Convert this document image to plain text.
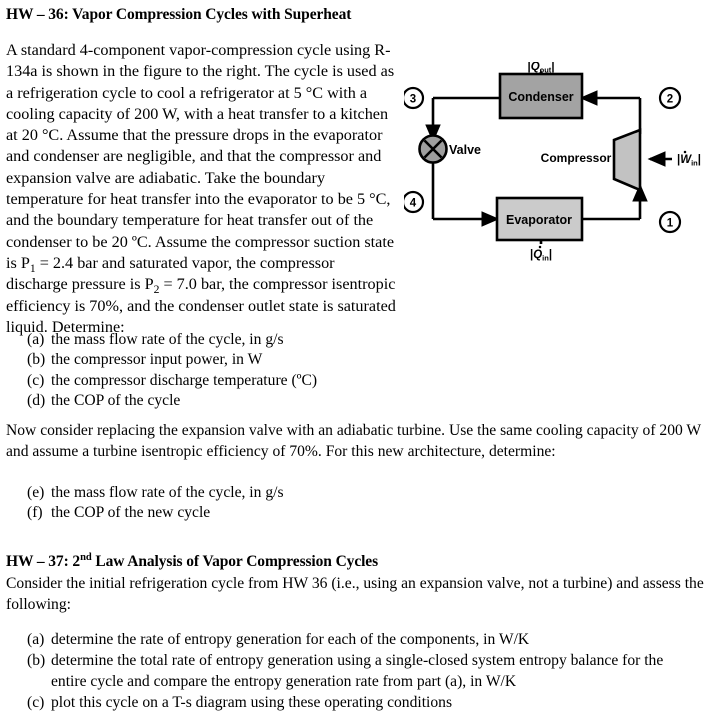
HW – 36: Vapor Compression Cycles with Superheat
A standard 4-component vapor-compression cycle using R-134a is shown in the figure to the right. The cycle is used as a refrigeration cycle to cool a refrigerator at 5 °C with a cooling capacity of 200 W, with a heat transfer to a kitchen at 20 °C. Assume that the pressure drops in the evaporator and condenser are negligible, and that the compressor and expansion valve are adiabatic. Take the boundary temperature for heat transfer into the evaporator to be 5 °C, and the boundary temperature for heat transfer out of the condenser to be 20 ºC. Assume the compressor suction state is $P_1 = 2.4$ bar and saturated vapor, the compressor discharge pressure is $P_2 = 7.0$ bar, the compressor isentropic efficiency is 70%, and the condenser outlet state is saturated liquid. Determine:
Condenser
Evaporator
Compressor
Valve
3
4
2
1
$|Q_{out}|$
$|Q_{in}|$
$|W_{in}|$
(a) the mass flow rate of the cycle, in g/s
(b) the compressor input power, in W
(c) the compressor discharge temperature (ºC)
(d) the COP of the cycle
Now consider replacing the expansion valve with an adiabatic turbine. Use the same cooling capacity of 200 W and assume a turbine isentropic efficiency of 70%. For this new architecture, determine:
(e) the mass flow rate of the cycle, in g/s
(f) the COP of the new cycle
HW – 37: 2nd Law Analysis of Vapor Compression Cycles
Consider the initial refrigeration cycle from HW 36 (i.e., using an expansion valve, not a turbine) and assess the following:
(a) determine the rate of entropy generation for each of the components, in W/K
(b) determine the total rate of entropy generation using a single-closed system entropy balance for the entire cycle and compare the entropy generation rate from part (a), in W/K
(c) plot this cycle on a T-s diagram using these operating conditions
